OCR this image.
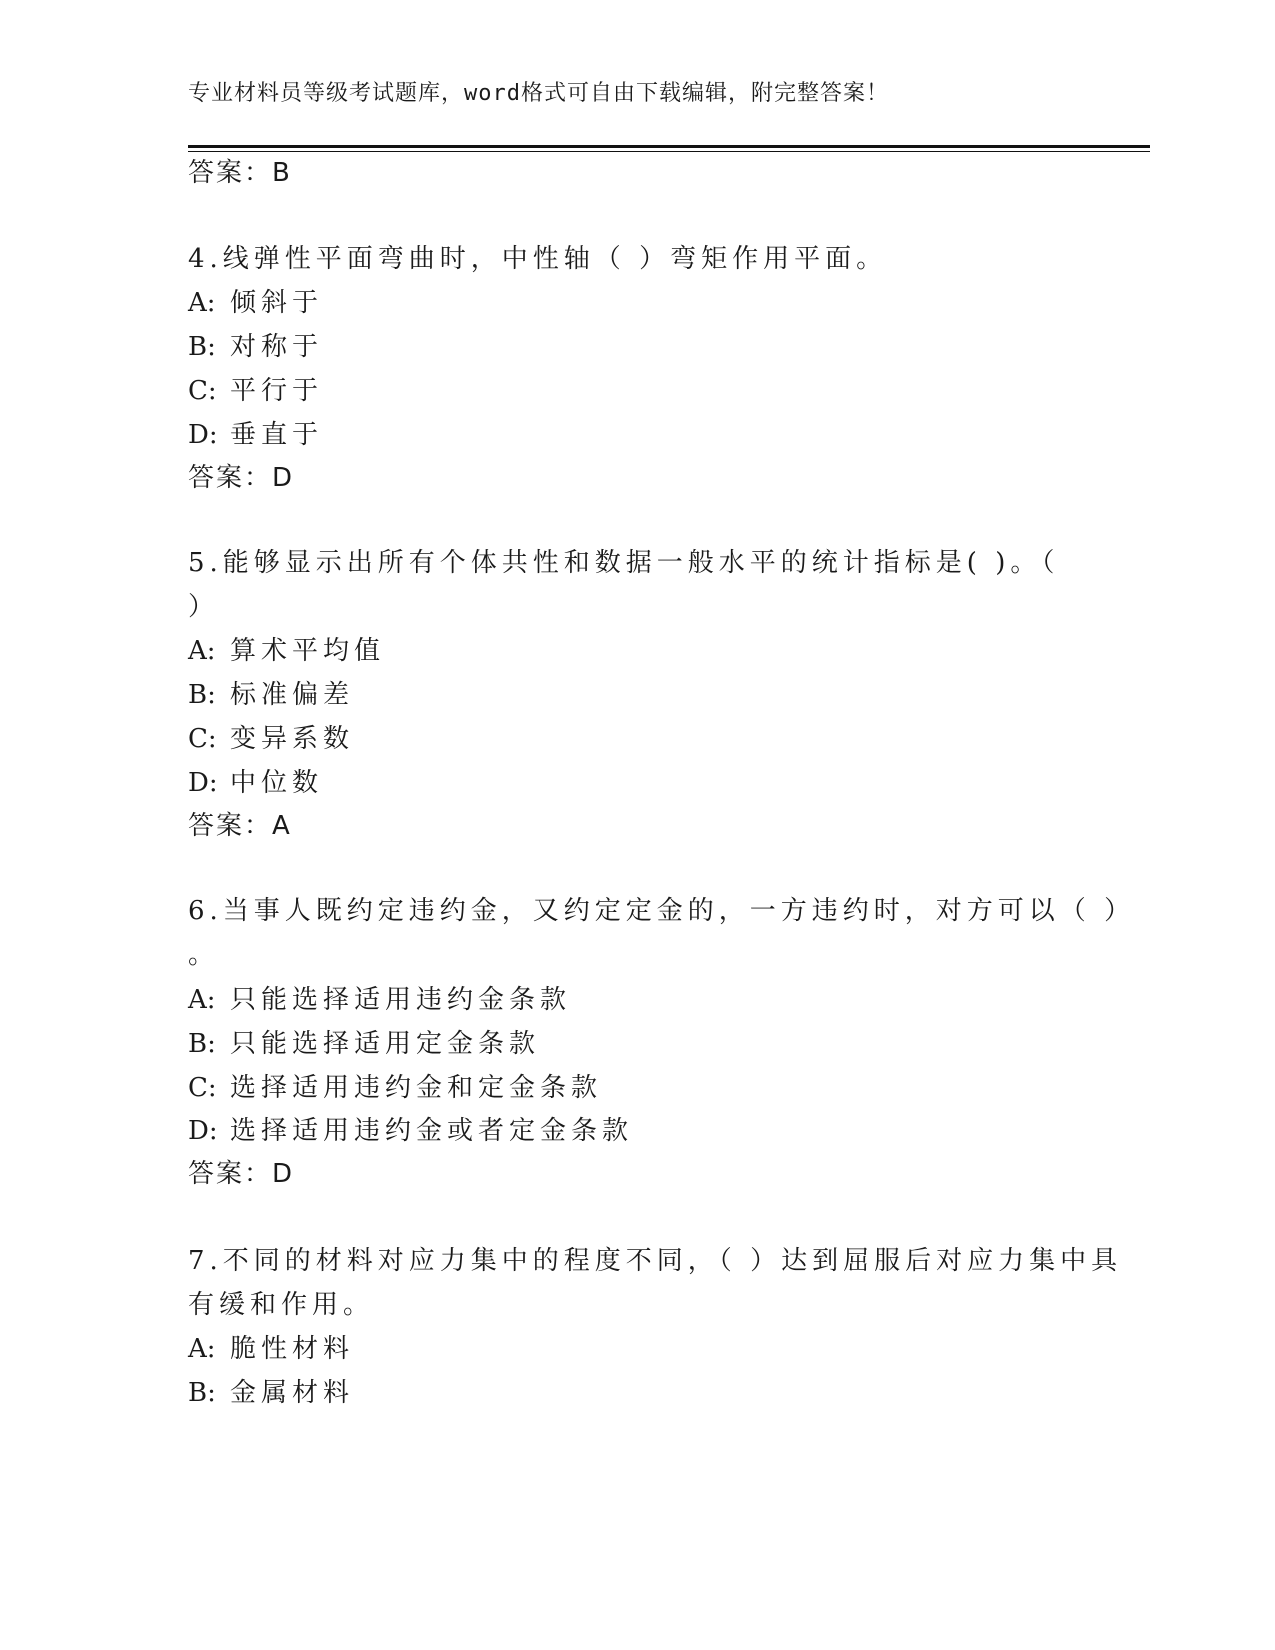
专业材料员等级考试题库，word格式可自由下载编辑，附完整答案！
答案：B
4.线弹性平面弯曲时，中性轴（ ）弯矩作用平面。
A: 倾斜于
B: 对称于
C: 平行于
D: 垂直于
答案：D
5.能够显示出所有个体共性和数据一般水平的统计指标是( )。（
）
A: 算术平均值
B: 标准偏差
C: 变异系数
D: 中位数
答案：A
6.当事人既约定违约金，又约定定金的，一方违约时，对方可以（ ）
。
A: 只能选择适用违约金条款
B: 只能选择适用定金条款
C: 选择适用违约金和定金条款
D: 选择适用违约金或者定金条款
答案：D
7.不同的材料对应力集中的程度不同，（ ）达到屈服后对应力集中具
有缓和作用。
A: 脆性材料
B: 金属材料
